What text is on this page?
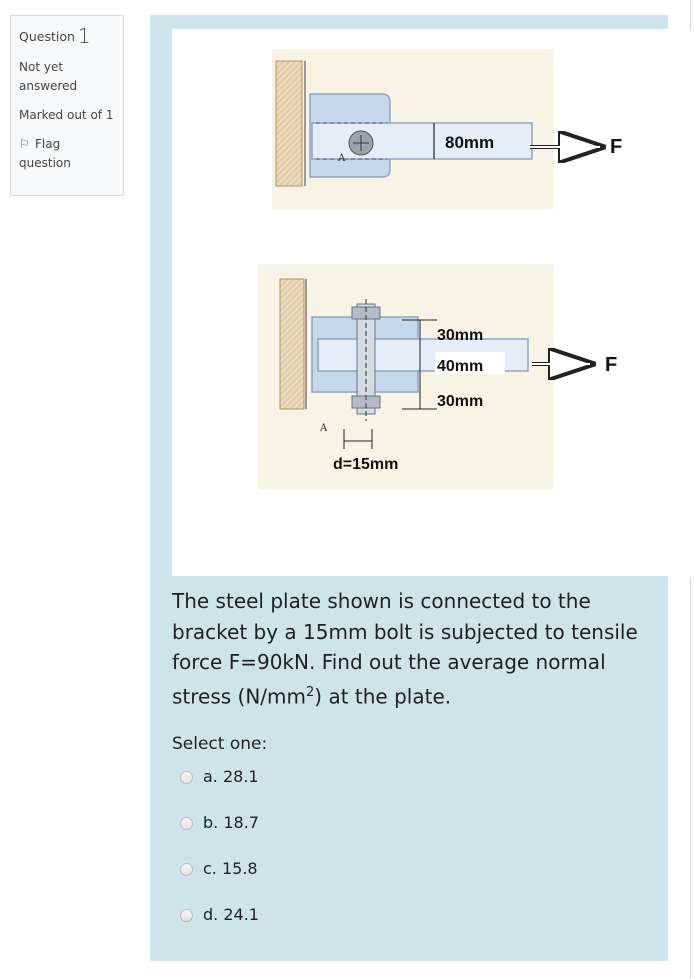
Question 1
Not yet answered
Marked out of 1
⚐ Flag question	A
80mm	F
A
30mm
40mm
30mm
F
d=15mm
The steel plate shown is connected to the bracket by a 15mm bolt is subjected to tensile force F=90kN. Find out the average normal stress $(N/mm^2)$ at the plate.
Select one:
a. 28.1
b. 18.7
c. 15.8
d. 24.1
